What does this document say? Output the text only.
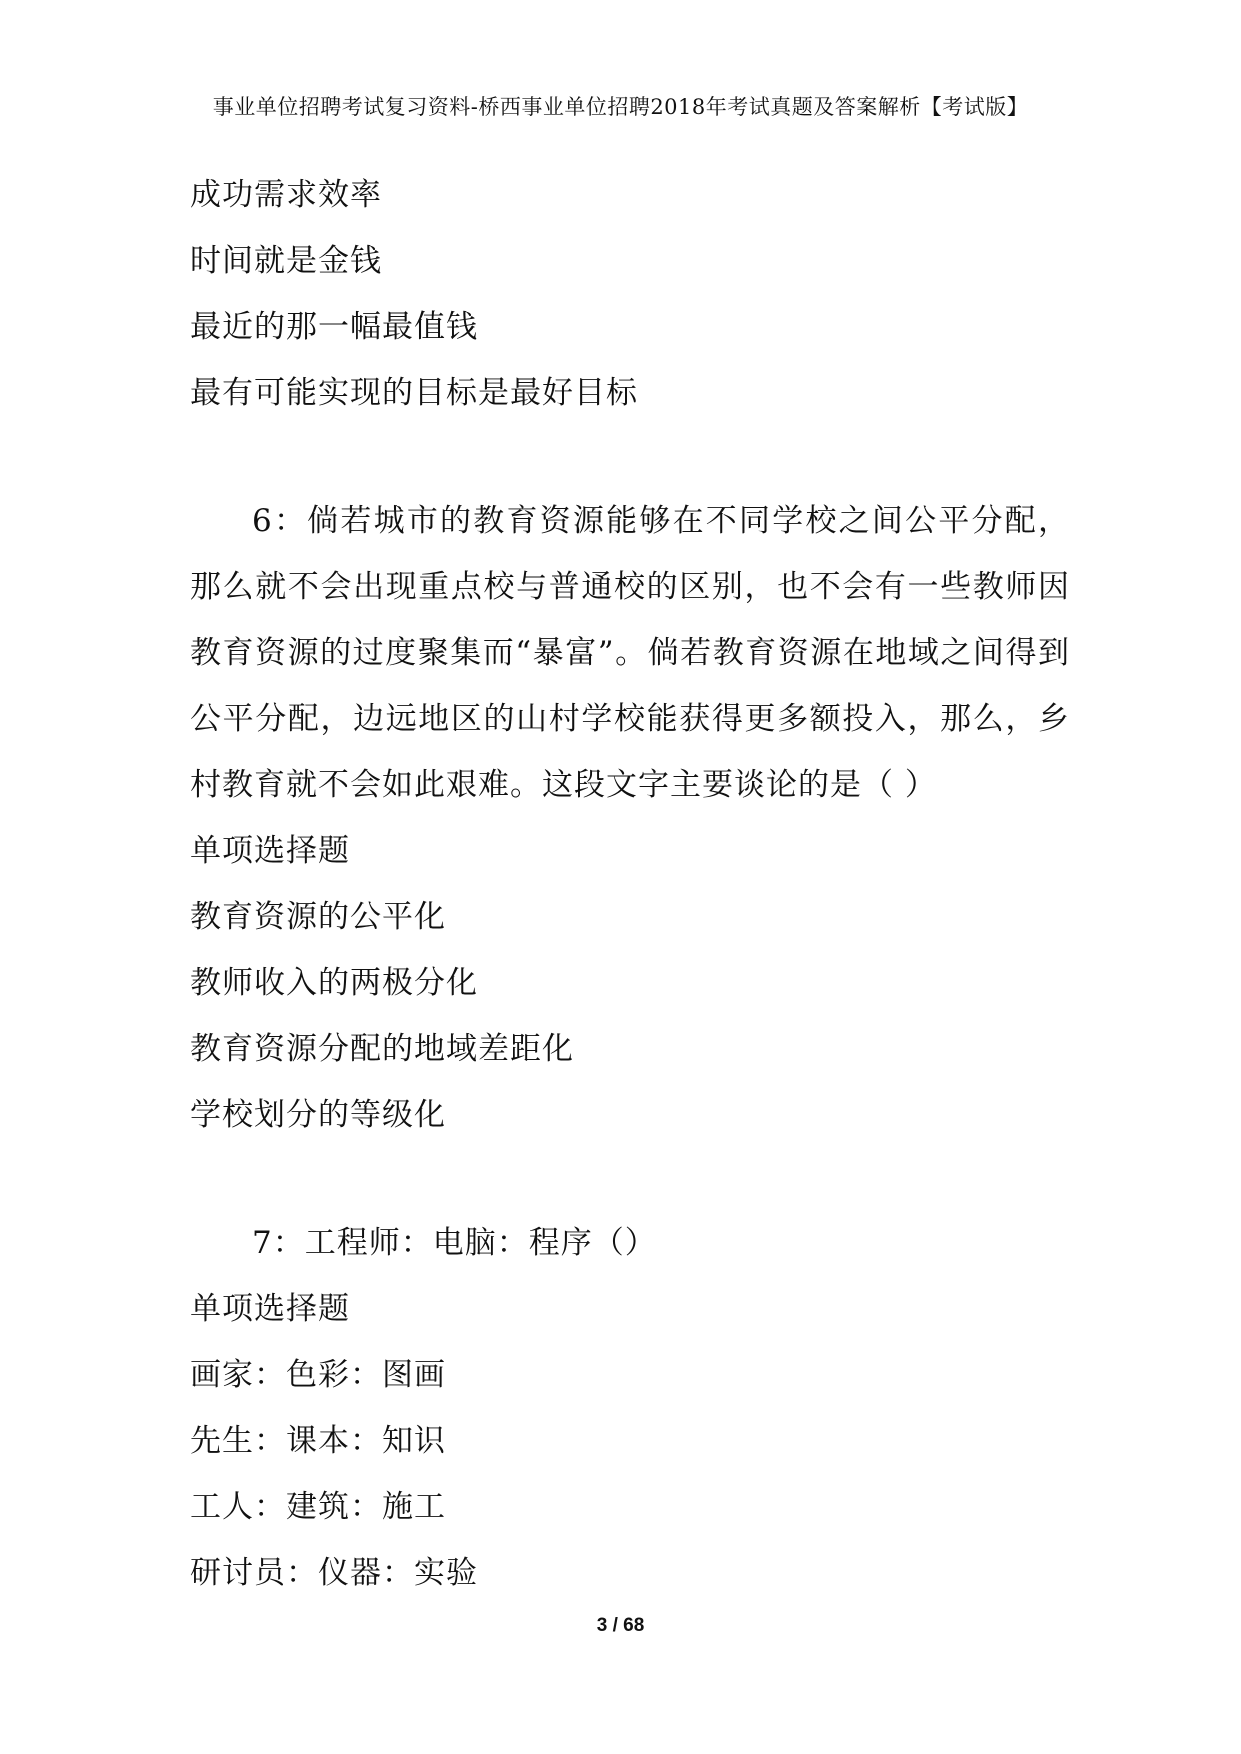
事业单位招聘考试复习资料-桥西事业单位招聘2018年考试真题及答案解析【考试版】
成功需求效率
时间就是金钱
最近的那一幅最值钱
最有可能实现的目标是最好目标

6：倘若城市的教育资源能够在不同学校之间公平分配，那么就不会出现重点校与普通校的区别，也不会有一些教师因教育资源的过度聚集而“暴富”。倘若教育资源在地域之间得到公平分配，边远地区的山村学校能获得更多额投入，那么，乡村教育就不会如此艰难。这段文字主要谈论的是（ ）

单项选择题
教育资源的公平化
教师收入的两极分化
教育资源分配的地域差距化
学校划分的等级化
7：工程师：电脑：程序（）
单项选择题
画家：色彩：图画
先生：课本：知识
工人：建筑：施工
研讨员：仪器：实验
3 / 68
